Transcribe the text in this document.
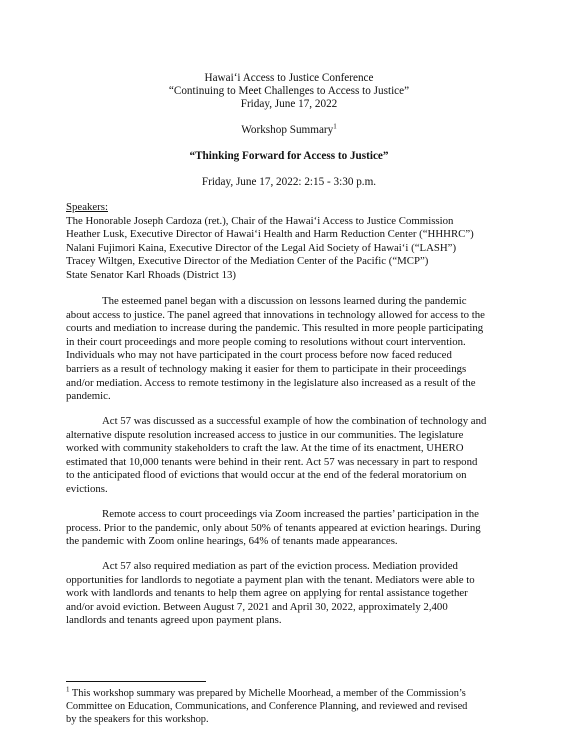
Hawaiʻi Access to Justice Conference
“Continuing to Meet Challenges to Access to Justice”
Friday, June 17, 2022
Workshop Summary$^1$
“Thinking Forward for Access to Justice”
Friday, June 17, 2022: 2:15 - 3:30 p.m.
Speakers:
The Honorable Joseph Cardoza (ret.), Chair of the Hawaiʻi Access to Justice Commission
Heather Lusk, Executive Director of Hawaiʻi Health and Harm Reduction Center (“HHHRC”)
Nalani Fujimori Kaina, Executive Director of the Legal Aid Society of Hawaiʻi (“LASH”)
Tracey Wiltgen, Executive Director of the Mediation Center of the Pacific (“MCP”)
State Senator Karl Rhoads (District 13)
The esteemed panel began with a discussion on lessons learned during the pandemic
about access to justice. The panel agreed that innovations in technology allowed for access to the
courts and mediation to increase during the pandemic. This resulted in more people participating
in their court proceedings and more people coming to resolutions without court intervention.
Individuals who may not have participated in the court process before now faced reduced
barriers as a result of technology making it easier for them to participate in their proceedings
and/or mediation. Access to remote testimony in the legislature also increased as a result of the
pandemic.
Act 57 was discussed as a successful example of how the combination of technology and
alternative dispute resolution increased access to justice in our communities. The legislature
worked with community stakeholders to craft the law. At the time of its enactment, UHERO
estimated that 10,000 tenants were behind in their rent. Act 57 was necessary in part to respond
to the anticipated flood of evictions that would occur at the end of the federal moratorium on
evictions.
Remote access to court proceedings via Zoom increased the parties’ participation in the
process. Prior to the pandemic, only about 50% of tenants appeared at eviction hearings. During
the pandemic with Zoom online hearings, 64% of tenants made appearances.
Act 57 also required mediation as part of the eviction process. Mediation provided
opportunities for landlords to negotiate a payment plan with the tenant. Mediators were able to
work with landlords and tenants to help them agree on applying for rental assistance together
and/or avoid eviction. Between August 7, 2021 and April 30, 2022, approximately 2,400
landlords and tenants agreed upon payment plans.
$^1$ This workshop summary was prepared by Michelle Moorhead, a member of the Commission’s
Committee on Education, Communications, and Conference Planning, and reviewed and revised
by the speakers for this workshop.
